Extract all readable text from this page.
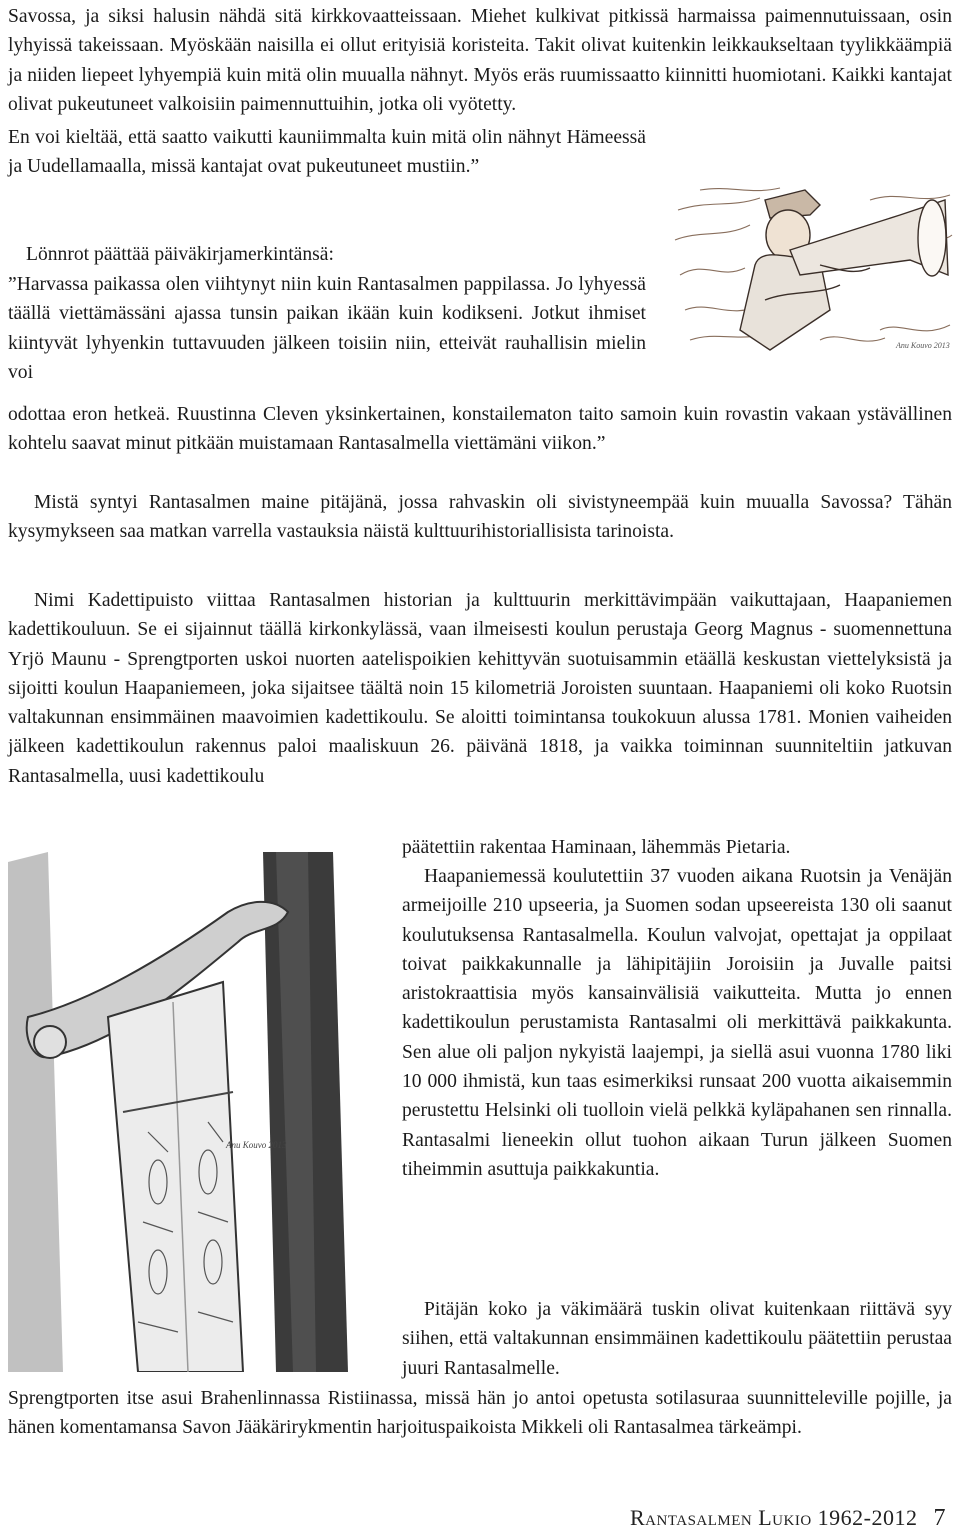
Savossa, ja siksi halusin nähdä sitä kirkkovaatteissaan. Miehet kulkivat pitkissä harmaissa paimennutuissaan, osin lyhyissä takeissaan. Myöskään naisilla ei ollut erityisiä koristeita. Takit olivat kuitenkin leikkaukseltaan tyylikkäämpiä ja niiden liepeet lyhyempiä kuin mitä olin muualla nähnyt. Myös eräs ruumissaatto kiinnitti huomiotani. Kaikki kantajat olivat pukeutuneet valkoisiin paimennuttuihin, jotka oli vyötetty.

En voi kieltää, että saatto vaikutti kauniimmalta kuin mitä olin nähnyt Hämeessä ja Uudellamaalla, missä kantajat ovat pukeutuneet mustiin.”

Lönnrot päättää päiväkirjamerkintänsä:

”Harvassa paikassa olen viihtynyt niin kuin Rantasalmen pappilassa. Jo lyhyessä täällä viettämässäni ajassa tunsin paikan ikään kuin kodikseni. Jotkut ihmiset kiintyvät lyhyenkin tuttavuuden jälkeen toisiin niin, etteivät rauhallisin mielin voi

odottaa eron hetkeä. Ruustinna Cleven yksinkertainen, konstailematon taito samoin kuin rovastin vakaan ystävällinen kohtelu saavat minut pitkään muistamaan Rantasalmella viettämäni viikon.”

Mistä syntyi Rantasalmen maine pitäjänä, jossa rahvaskin oli sivistyneempää kuin muualla Savossa? Tähän kysymykseen saa matkan varrella vastauksia näistä kulttuurihistoriallisista tarinoista.

Nimi Kadettipuisto viittaa Rantasalmen historian ja kulttuurin merkittävimpään vaikuttajaan, Haapaniemen kadettikouluun. Se ei sijainnut täällä kirkonkylässä, vaan ilmeisesti koulun perustaja Georg Magnus - suomennettuna Yrjö Maunu - Sprengtporten uskoi nuorten aatelispoikien kehittyvän suotuisammin etäällä keskustan viettelyksistä ja sijoitti koulun Haapaniemeen, joka sijaitsee täältä noin 15 kilometriä Joroisten suuntaan. Haapaniemi oli koko Ruotsin valtakunnan ensimmäinen maavoimien kadettikoulu. Se aloitti toimintansa toukokuun alussa 1781. Monien vaiheiden jälkeen kadettikoulun rakennus paloi maaliskuun 26. päivänä 1818, ja vaikka toiminnan suunniteltiin jatkuvan Rantasalmella, uusi kadettikoulu

päätettiin rakentaa Haminaan, lähemmäs Pietaria.

Haapaniemessä koulutettiin 37 vuoden aikana Ruotsin ja Venäjän armeijoille 210 upseeria, ja Suomen sodan upseereista 130 oli saanut koulutuksensa Rantasalmella. Koulun valvojat, opettajat ja oppilaat toivat paikkakunnalle ja lähipitäjiin Joroisiin ja Juvalle paitsi aristokraattisia myös kansainvälisiä vaikutteita. Mutta jo ennen kadettikoulun perustamista Rantasalmi oli merkittävä paikkakunta. Sen alue oli paljon nykyistä laajempi, ja siellä asui vuonna 1780 liki 10 000 ihmistä, kun taas esimerkiksi runsaat 200 vuotta aikaisemmin perustettu Helsinki oli tuolloin vielä pelkkä kyläpahanen sen rinnalla. Rantasalmi lieneekin ollut tuohon aikaan Turun jälkeen Suomen tiheimmin asuttuja paikkakuntia.

Pitäjän koko ja väkimäärä tuskin olivat kuitenkaan riittävä syy siihen, että valtakunnan ensimmäinen kadettikoulu päätettiin perustaa juuri Rantasalmelle.

Sprengtporten itse asui Brahenlinnassa Ristiinassa, missä hän jo antoi opetusta sotilasuraa suunnitteleville pojille, ja hänen komentamansa Savon Jääkärirykmentin harjoituspaikoista Mikkeli oli Rantasalmea tärkeämpi.

Anu Kouvo 2013
Anu Kouvo 2013
Rantasalmen Lukio 1962-2012 7
